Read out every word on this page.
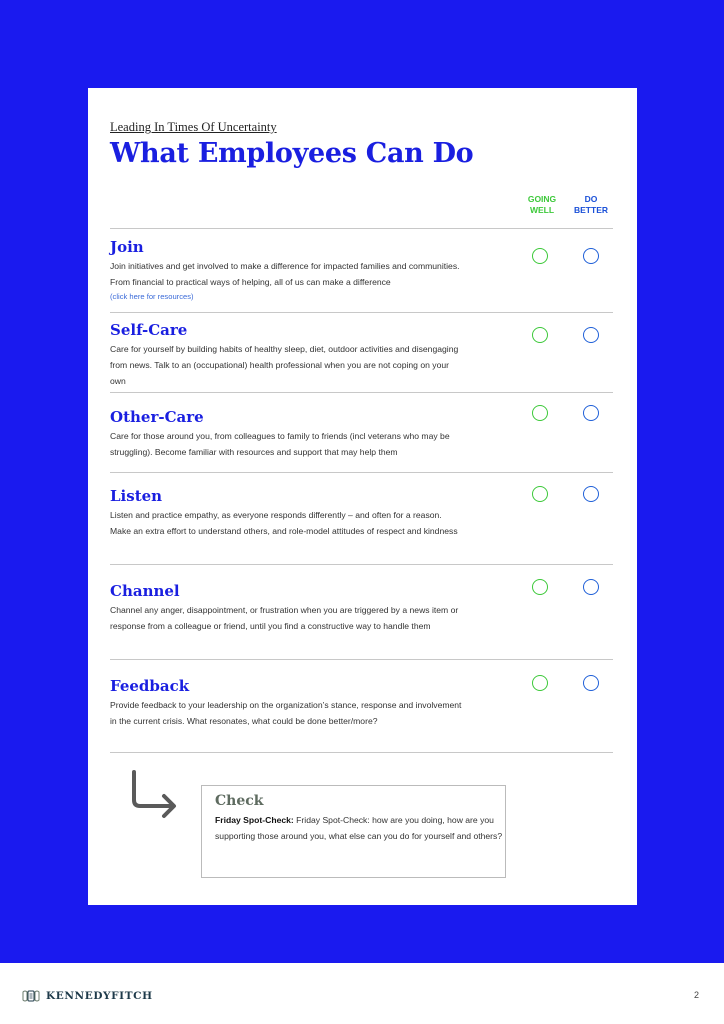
Leading In Times Of Uncertainty
What Employees Can Do
GOING
WELL
DO
BETTER
Join
Join initiatives and get involved to make a difference for impacted families and communities.
From financial to practical ways of helping, all of us can make a difference
(click here for resources)
Self-Care
Care for yourself by building habits of healthy sleep, diet, outdoor activities and disengaging
from news. Talk to an (occupational) health professional when you are not coping on your
own
Other-Care
Care for those around you, from colleagues to family to friends (incl veterans who may be
struggling). Become familiar with resources and support that may help them
Listen
Listen and practice empathy, as everyone responds differently – and often for a reason.
Make an extra effort to understand others, and role-model attitudes of respect and kindness
Channel
Channel any anger, disappointment, or frustration when you are triggered by a news item or
response from a colleague or friend, until you find a constructive way to handle them
Feedback
Provide feedback to your leadership on the organization’s stance, response and involvement
in the current crisis. What resonates, what could be done better/more?
Check
Friday Spot-Check: Friday Spot-Check: how are you doing, how are you supporting those around you, what else can you do for yourself and others?
KENNEDYFITCH	2
